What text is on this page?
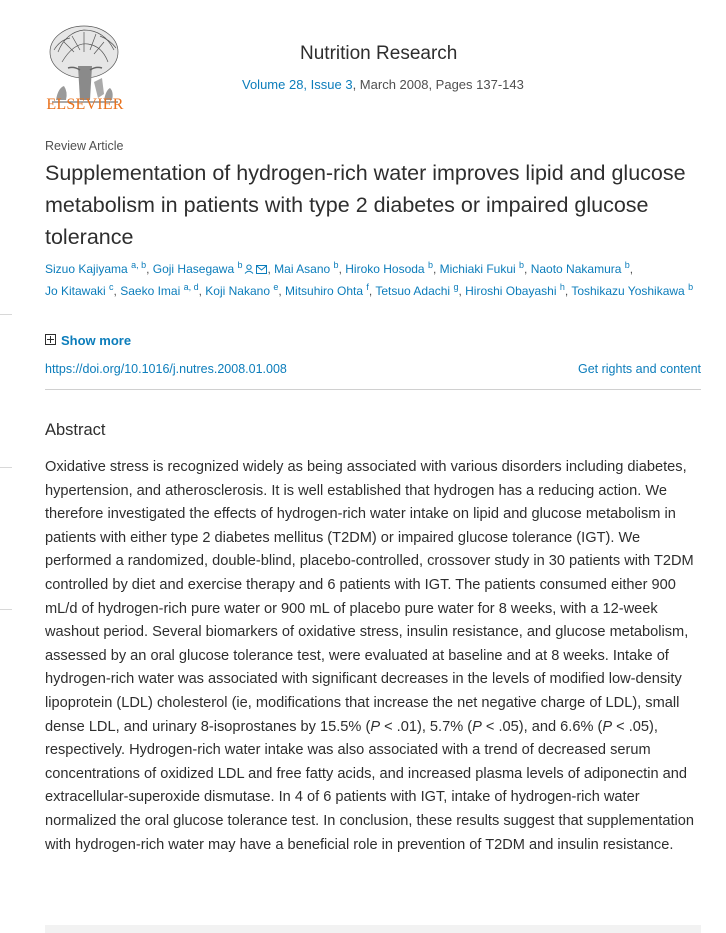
ELSEVIER
Nutrition Research
Volume 28, Issue 3, March 2008, Pages 137-143
Review Article
Supplementation of hydrogen-rich water improves lipid and glucose metabolism in patients with type 2 diabetes or impaired glucose tolerance
Sizuo Kajiyama $^{a, b}$, Goji Hasegawa $^b$ , Mai Asano $^b$, Hiroko Hosoda $^b$, Michiaki Fukui $^b$, Naoto Nakamura $^b$, Jo Kitawaki $^c$, Saeko Imai $^{a, d}$, Koji Nakano $^e$, Mitsuhiro Ohta $^f$, Tetsuo Adachi $^g$, Hiroshi Obayashi $^h$, Toshikazu Yoshikawa $^b$
Show more
https://doi.org/10.1016/j.nutres.2008.01.008	Get rights and content
Abstract

Oxidative stress is recognized widely as being associated with various disorders including diabetes, hypertension, and atherosclerosis. It is well established that hydrogen has a reducing action. We therefore investigated the effects of hydrogen-rich water intake on lipid and glucose metabolism in patients with either type 2 diabetes mellitus (T2DM) or impaired glucose tolerance (IGT). We performed a randomized, double-blind, placebo-controlled, crossover study in 30 patients with T2DM controlled by diet and exercise therapy and 6 patients with IGT. The patients consumed either 900 mL/d of hydrogen-rich pure water or 900 mL of placebo pure water for 8 weeks, with a 12-week washout period. Several biomarkers of oxidative stress, insulin resistance, and glucose metabolism, assessed by an oral glucose tolerance test, were evaluated at baseline and at 8 weeks. Intake of hydrogen-rich water was associated with significant decreases in the levels of modified low-density lipoprotein (LDL) cholesterol (ie, modifications that increase the net negative charge of LDL), small dense LDL, and urinary 8-isoprostanes by 15.5% (P < .01), 5.7% (P < .05), and 6.6% (P < .05), respectively. Hydrogen-rich water intake was also associated with a trend of decreased serum concentrations of oxidized LDL and free fatty acids, and increased plasma levels of adiponectin and extracellular-superoxide dismutase. In 4 of 6 patients with IGT, intake of hydrogen-rich water normalized the oral glucose tolerance test. In conclusion, these results suggest that supplementation with hydrogen-rich water may have a beneficial role in prevention of T2DM and insulin resistance.
